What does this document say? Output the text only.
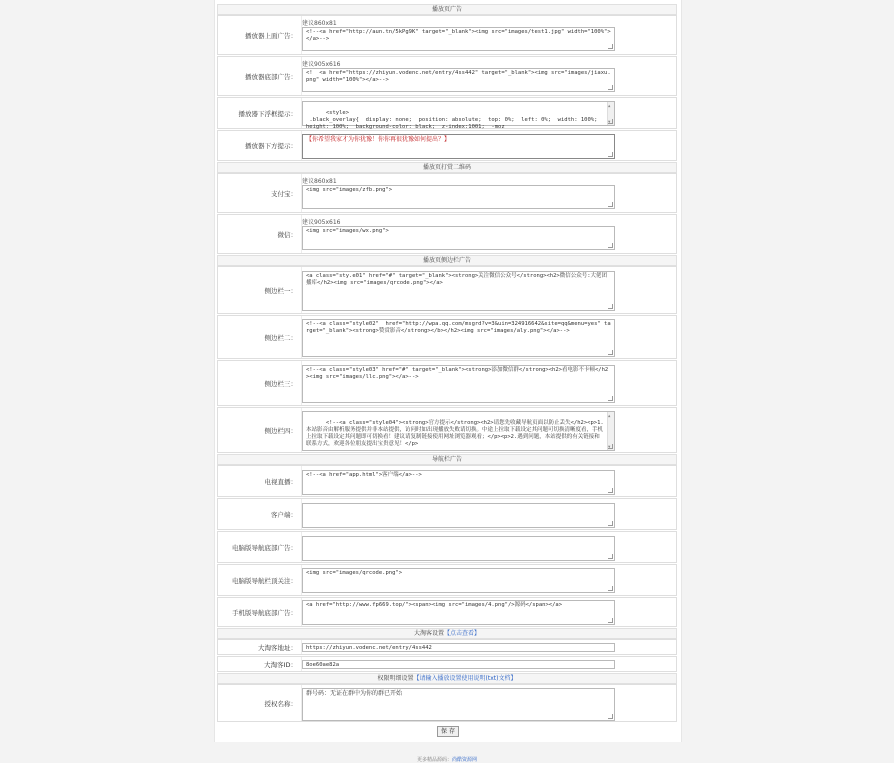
播放页广告
播放器上面广告：
建议860x81
<!--<a href="http://aun.tn/5kPg9K" target="_blank"><img src="images/test1.jpg" width="100%"></a>-->
播放器底部广告：
建议905x616
<!  <a href="https://zhiyun.vodenc.net/entry/4ss442" target="_blank"><img src="images/jiaxu.png" width="100%"></a>-->
播放器下浮框提示：	<style>
.black_overlay{  display: none;  position: absolute;  top: 0%;  left: 0%;  width: 100%;  height: 100%;  background-color: black;  z-index:1001;  -moz

▲  ▼

播放器下方提示：
【你希望我家才为你犹豫！你你再很犹豫如何提出？】
播放页打赏二维码
支付宝：
建议860x81
<img src="images/zfb.png">
微信：
建议905x616
<img src="images/wx.png">
播放页侧边栏广告
侧边栏一：
<a class="sty.e01" href="#" target="_blank"><strong>关注微信公众号</strong><h2>微信公众号:大佬团播库</h2><img src="images/qrcode.png"></a>
侧边栏二：
<!--<a class="style02"  href="http://wpa.qq.com/msgrd?v=3&uin=324916642&site=qq&menu=yes" target="_blank"><strong>赞赏影音</strong></b></h2><img src="images/aly.png"></a>-->
侧边栏三：
<!--<a class="style03" href="#" target="_blank"><strong>添加微信群</strong><h2>看电影不卡顿</h2><img src="images/llc.png"></a>-->
侧边栏四：

<!--<a class="style04"><strong>官方提示</strong><h2>请您先收藏导航页面以防止丢失</h2><p>1.本站影音由解析服务提供并非本站提供，访问时如出现播放失败请切换。中途上拉取下载设定其问题可切换清晰度看，手机上拉取下载设定其问题即可切换看！建议请复制链接使用网址浏览器观看；</p><p>2.遇到问题，本站提供的有关链接和联系方式，欢迎各位朋友提出宝贵意见！</p>

▲  ▼

导航栏广告
电视直播：
<!--<a href="app.html">客户端</a>-->
客户端：
电脑版导航底部广告：
电脑版导航栏顶关注：
<img src="images/qrcode.png">
手机版导航底部广告：
<a href="http://www.fp669.top/"><span><img src="images/4.png"/>源码</span></a>
大淘客设置【点击查看】
大淘客地址：	https://zhiyun.vodenc.net/entry/4ss442
大淘客ID：	8oe60ae82a
权限明细设置【请输入播放设置使用说明(txt)文档】
授权名称：
群号码：无证在群中为你的群已开始
保 存
更多精品源码：尚酷资源网
